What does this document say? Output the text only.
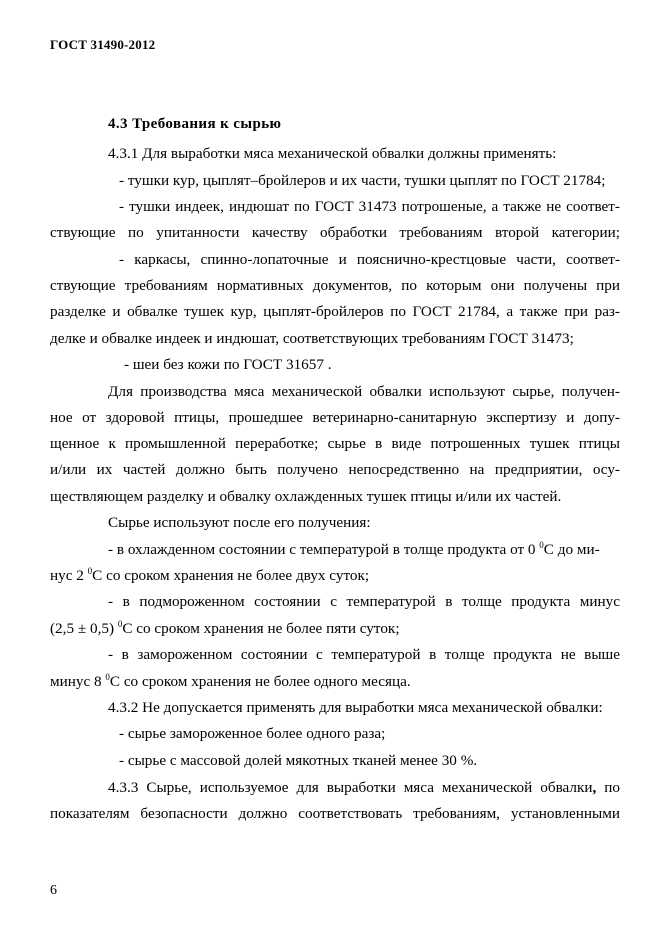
ГОСТ 31490-2012
4.3 Требования к сырью
4.3.1 Для выработки мяса механической обвалки должны применять:
- тушки кур, цыплят–бройлеров и их части, тушки цыплят по ГОСТ 21784;
- тушки индеек, индюшат по ГОСТ 31473 потрошеные, а также не соответ-
ствующие по упитанности качеству обработки требованиям второй категории;
- каркасы, спинно-лопаточные и пояснично-крестцовые части, соответ-
ствующие требованиям нормативных документов, по которым они получены при
разделке и обвалке тушек кур, цыплят-бройлеров по ГОСТ 21784, а также при раз-
делке и обвалке индеек и индюшат, соответствующих требованиям ГОСТ 31473;
- шеи без кожи по ГОСТ 31657 .
Для производства мяса механической обвалки используют сырье, получен-
ное от здоровой птицы, прошедшее ветеринарно-санитарную экспертизу и допу-
щенное к промышленной переработке; сырье в виде потрошенных тушек птицы
и/или их частей должно быть получено непосредственно на предприятии, осу-
ществляющем разделку и обвалку охлажденных тушек птицы и/или их частей.
Сырье используют после его получения:
- в охлажденном состоянии с температурой в толще продукта от 0 $^0$С до ми-
нус 2 $^0$С со сроком хранения не более двух суток;
- в подмороженном состоянии с температурой в толще продукта минус
(2,5 ± 0,5) $^0$С со сроком хранения не более пяти суток;
- в замороженном состоянии с температурой в толще продукта не выше
минус 8 $^0$С со сроком хранения не более одного месяца.
4.3.2 Не допускается применять для выработки мяса механической обвалки:
- сырье замороженное более одного раза;
- сырье с массовой долей мякотных тканей менее 30 %.
4.3.3 Сырье, используемое для выработки мяса механической обвалки, по
показателям безопасности должно соответствовать требованиям, установленными
6
